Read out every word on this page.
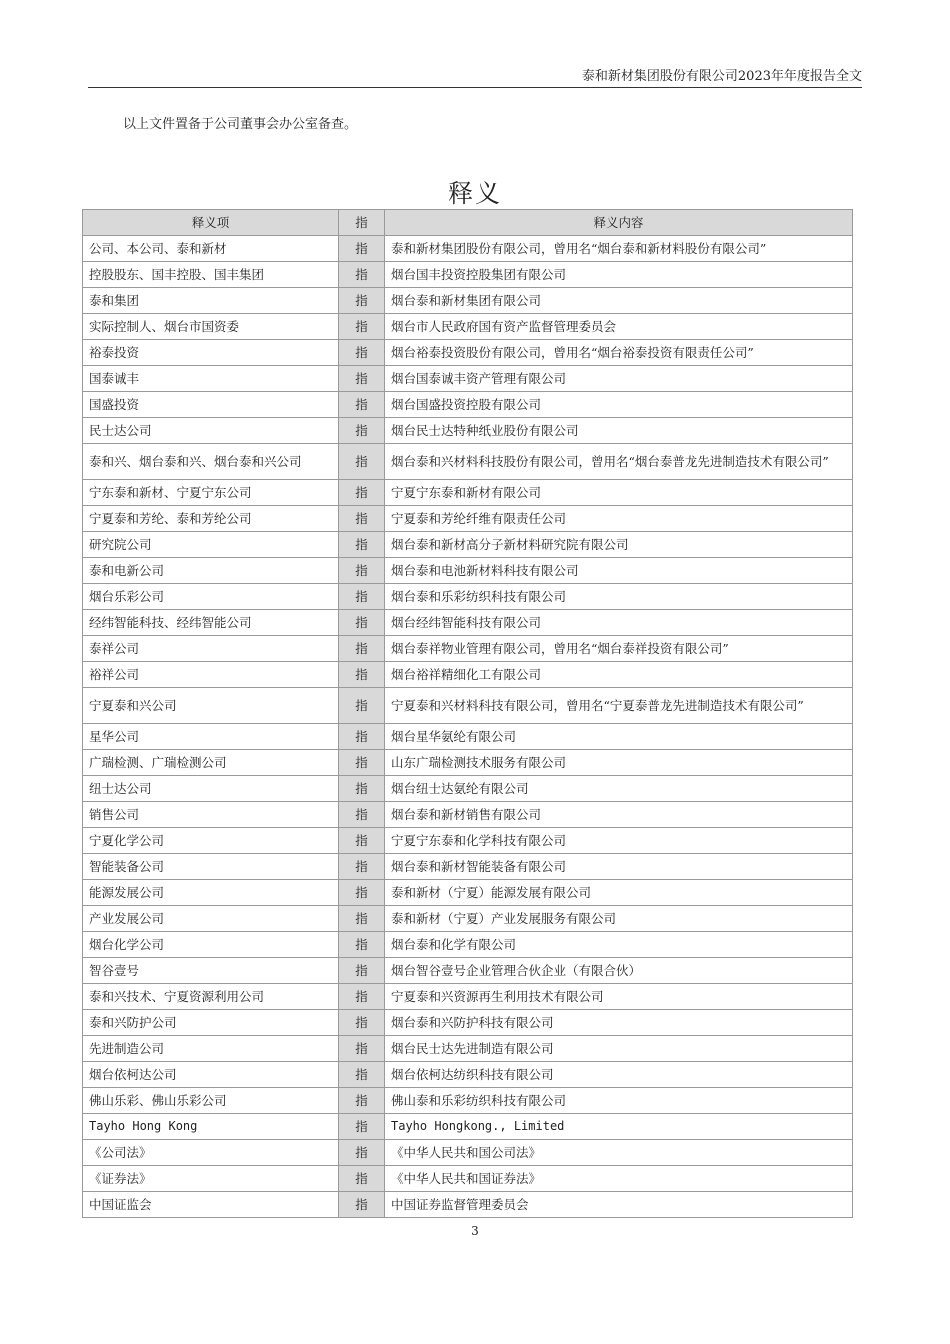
泰和新材集团股份有限公司2023年年度报告全文
以上文件置备于公司董事会办公室备查。
释义
释义项	指	释义内容
公司、本公司、泰和新材	指	泰和新材集团股份有限公司，曾用名“烟台泰和新材料股份有限公司”
控股股东、国丰控股、国丰集团	指	烟台国丰投资控股集团有限公司
泰和集团	指	烟台泰和新材集团有限公司
实际控制人、烟台市国资委	指	烟台市人民政府国有资产监督管理委员会
裕泰投资	指	烟台裕泰投资股份有限公司，曾用名“烟台裕泰投资有限责任公司”
国泰诚丰	指	烟台国泰诚丰资产管理有限公司
国盛投资	指	烟台国盛投资控股有限公司
民士达公司	指	烟台民士达特种纸业股份有限公司
泰和兴、烟台泰和兴、烟台泰和兴公司	指	烟台泰和兴材料科技股份有限公司，曾用名“烟台泰普龙先进制造技术有限公司”
宁东泰和新材、宁夏宁东公司	指	宁夏宁东泰和新材有限公司
宁夏泰和芳纶、泰和芳纶公司	指	宁夏泰和芳纶纤维有限责任公司
研究院公司	指	烟台泰和新材高分子新材料研究院有限公司
泰和电新公司	指	烟台泰和电池新材料科技有限公司
烟台乐彩公司	指	烟台泰和乐彩纺织科技有限公司
经纬智能科技、经纬智能公司	指	烟台经纬智能科技有限公司
泰祥公司	指	烟台泰祥物业管理有限公司，曾用名“烟台泰祥投资有限公司”
裕祥公司	指	烟台裕祥精细化工有限公司
宁夏泰和兴公司	指	宁夏泰和兴材料科技有限公司，曾用名“宁夏泰普龙先进制造技术有限公司”
星华公司	指	烟台星华氨纶有限公司
广瑞检测、广瑞检测公司	指	山东广瑞检测技术服务有限公司
纽士达公司	指	烟台纽士达氨纶有限公司
销售公司	指	烟台泰和新材销售有限公司
宁夏化学公司	指	宁夏宁东泰和化学科技有限公司
智能装备公司	指	烟台泰和新材智能装备有限公司
能源发展公司	指	泰和新材（宁夏）能源发展有限公司
产业发展公司	指	泰和新材（宁夏）产业发展服务有限公司
烟台化学公司	指	烟台泰和化学有限公司
智谷壹号	指	烟台智谷壹号企业管理合伙企业（有限合伙）
泰和兴技术、宁夏资源利用公司	指	宁夏泰和兴资源再生利用技术有限公司
泰和兴防护公司	指	烟台泰和兴防护科技有限公司
先进制造公司	指	烟台民士达先进制造有限公司
烟台依柯达公司	指	烟台依柯达纺织科技有限公司
佛山乐彩、佛山乐彩公司	指	佛山泰和乐彩纺织科技有限公司
Tayho Hong Kong	指	Tayho Hongkong., Limited
《公司法》	指	《中华人民共和国公司法》
《证券法》	指	《中华人民共和国证券法》
中国证监会	指	中国证券监督管理委员会
3
